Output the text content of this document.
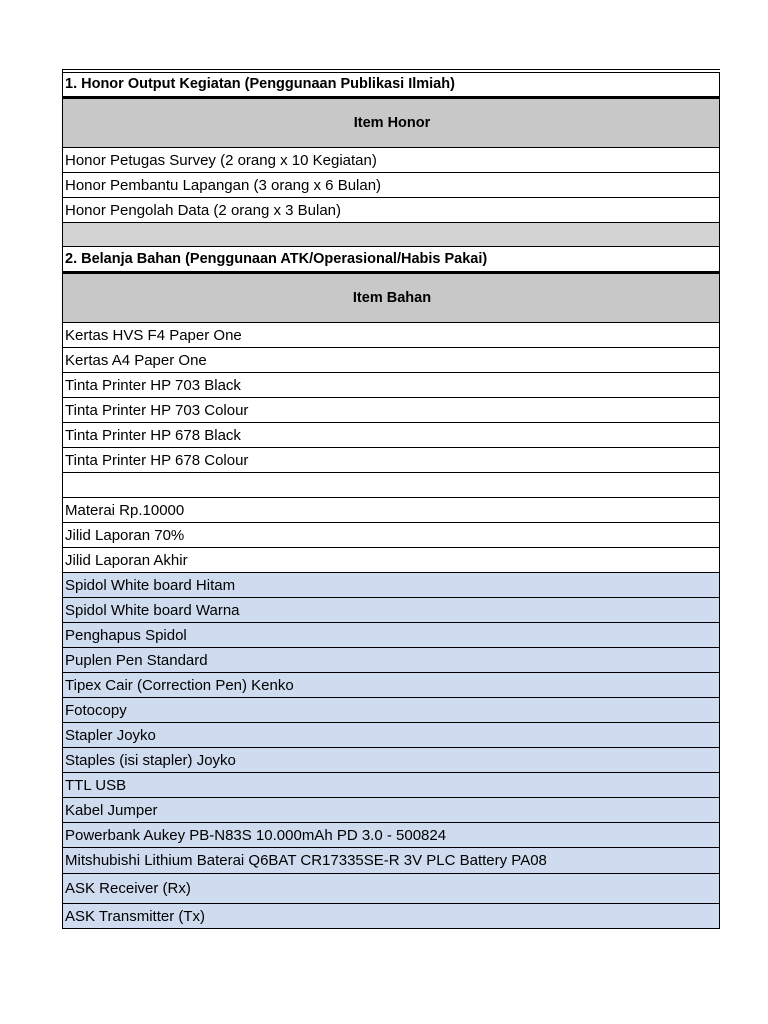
1. Honor Output Kegiatan (Penggunaan Publikasi Ilmiah)
Item Honor
Honor Petugas Survey (2 orang x 10 Kegiatan)
Honor Pembantu Lapangan (3 orang x 6 Bulan)
Honor Pengolah Data (2 orang x 3 Bulan)
2. Belanja Bahan (Penggunaan ATK/Operasional/Habis Pakai)
Item Bahan
Kertas HVS F4 Paper One
Kertas A4 Paper One
Tinta Printer HP 703 Black
Tinta Printer HP 703 Colour
Tinta Printer HP 678 Black
Tinta Printer HP 678 Colour
Materai Rp.10000
Jilid Laporan 70%
Jilid Laporan Akhir
Spidol White board Hitam
Spidol White board Warna
Penghapus Spidol
Puplen Pen Standard
Tipex Cair (Correction Pen) Kenko
Fotocopy
Stapler Joyko
Staples (isi stapler) Joyko
TTL USB
Kabel Jumper
Powerbank Aukey PB-N83S 10.000mAh PD 3.0 - 500824
Mitshubishi Lithium Baterai Q6BAT CR17335SE-R 3V PLC Battery PA08
ASK Receiver (Rx)
ASK Transmitter (Tx)
